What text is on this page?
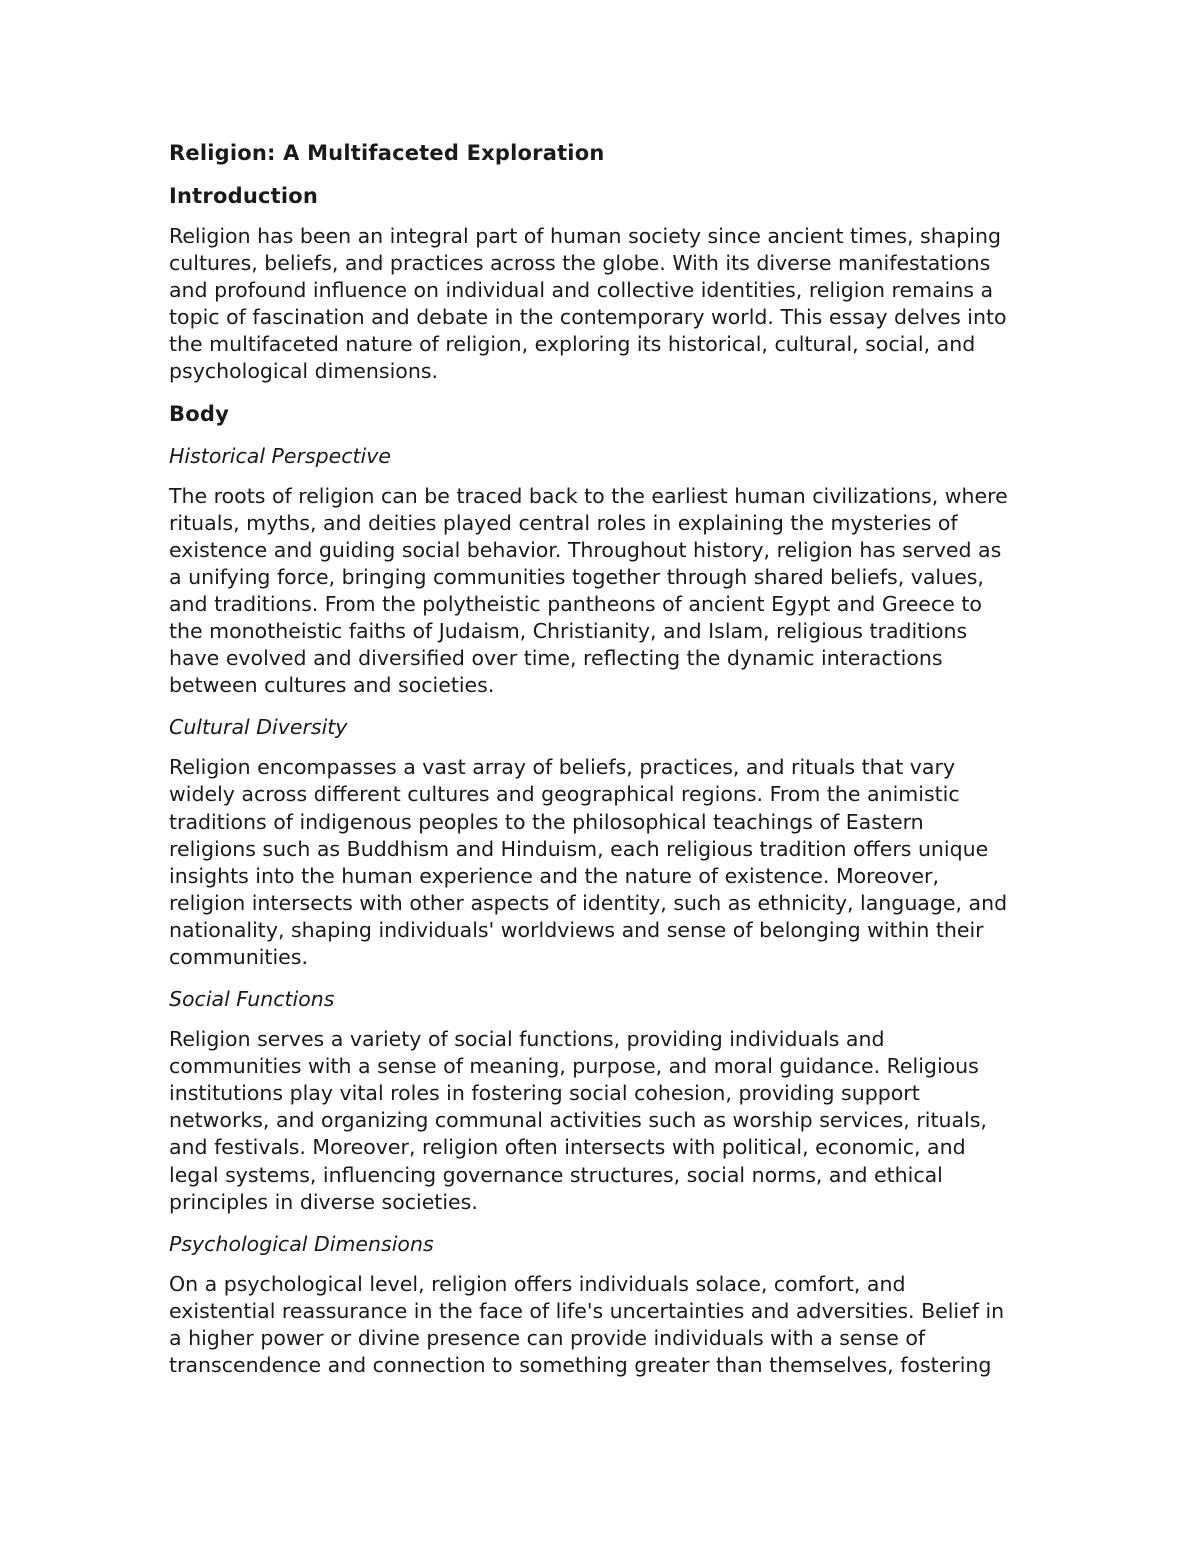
Religion: A Multifaceted Exploration
Introduction
Religion has been an integral part of human society since ancient times, shaping
cultures, beliefs, and practices across the globe. With its diverse manifestations
and profound influence on individual and collective identities, religion remains a
topic of fascination and debate in the contemporary world. This essay delves into
the multifaceted nature of religion, exploring its historical, cultural, social, and
psychological dimensions.
Body
Historical Perspective
The roots of religion can be traced back to the earliest human civilizations, where
rituals, myths, and deities played central roles in explaining the mysteries of
existence and guiding social behavior. Throughout history, religion has served as
a unifying force, bringing communities together through shared beliefs, values,
and traditions. From the polytheistic pantheons of ancient Egypt and Greece to
the monotheistic faiths of Judaism, Christianity, and Islam, religious traditions
have evolved and diversified over time, reflecting the dynamic interactions
between cultures and societies.
Cultural Diversity
Religion encompasses a vast array of beliefs, practices, and rituals that vary
widely across different cultures and geographical regions. From the animistic
traditions of indigenous peoples to the philosophical teachings of Eastern
religions such as Buddhism and Hinduism, each religious tradition offers unique
insights into the human experience and the nature of existence. Moreover,
religion intersects with other aspects of identity, such as ethnicity, language, and
nationality, shaping individuals' worldviews and sense of belonging within their
communities.
Social Functions
Religion serves a variety of social functions, providing individuals and
communities with a sense of meaning, purpose, and moral guidance. Religious
institutions play vital roles in fostering social cohesion, providing support
networks, and organizing communal activities such as worship services, rituals,
and festivals. Moreover, religion often intersects with political, economic, and
legal systems, influencing governance structures, social norms, and ethical
principles in diverse societies.
Psychological Dimensions
On a psychological level, religion offers individuals solace, comfort, and
existential reassurance in the face of life's uncertainties and adversities. Belief in
a higher power or divine presence can provide individuals with a sense of
transcendence and connection to something greater than themselves, fostering
